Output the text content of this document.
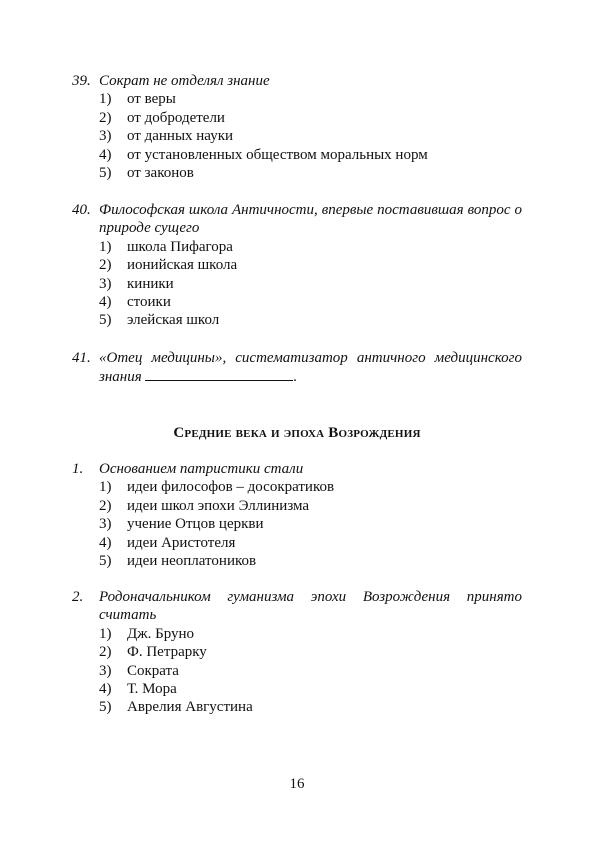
39. Сократ не отделял знание
1)	от веры
2)	от добродетели
3)	от данных науки
4)	от установленных обществом моральных норм
5)	от законов
40. Философская школа Античности, впервые поставившая вопрос о природе сущего
1)	школа Пифагора
2)	ионийская школа
3)	киники
4)	стоики
5)	элейская школ
41. «Отец медицины», систематизатор античного медицинского знания	.
Средние века и эпоха Возрождения
1.	Основанием патристики стали
1)	идеи философов – досократиков
2)	идеи школ эпохи Эллинизма
3)	учение Отцов церкви
4)	идеи Аристотеля
5)	идеи неоплатоников
2.	Родоначальником гуманизма эпохи Возрождения принято считать
1)	Дж. Бруно
2)	Ф. Петрарку
3)	Сократа
4)	Т. Мора
5)	Аврелия Августина
16
